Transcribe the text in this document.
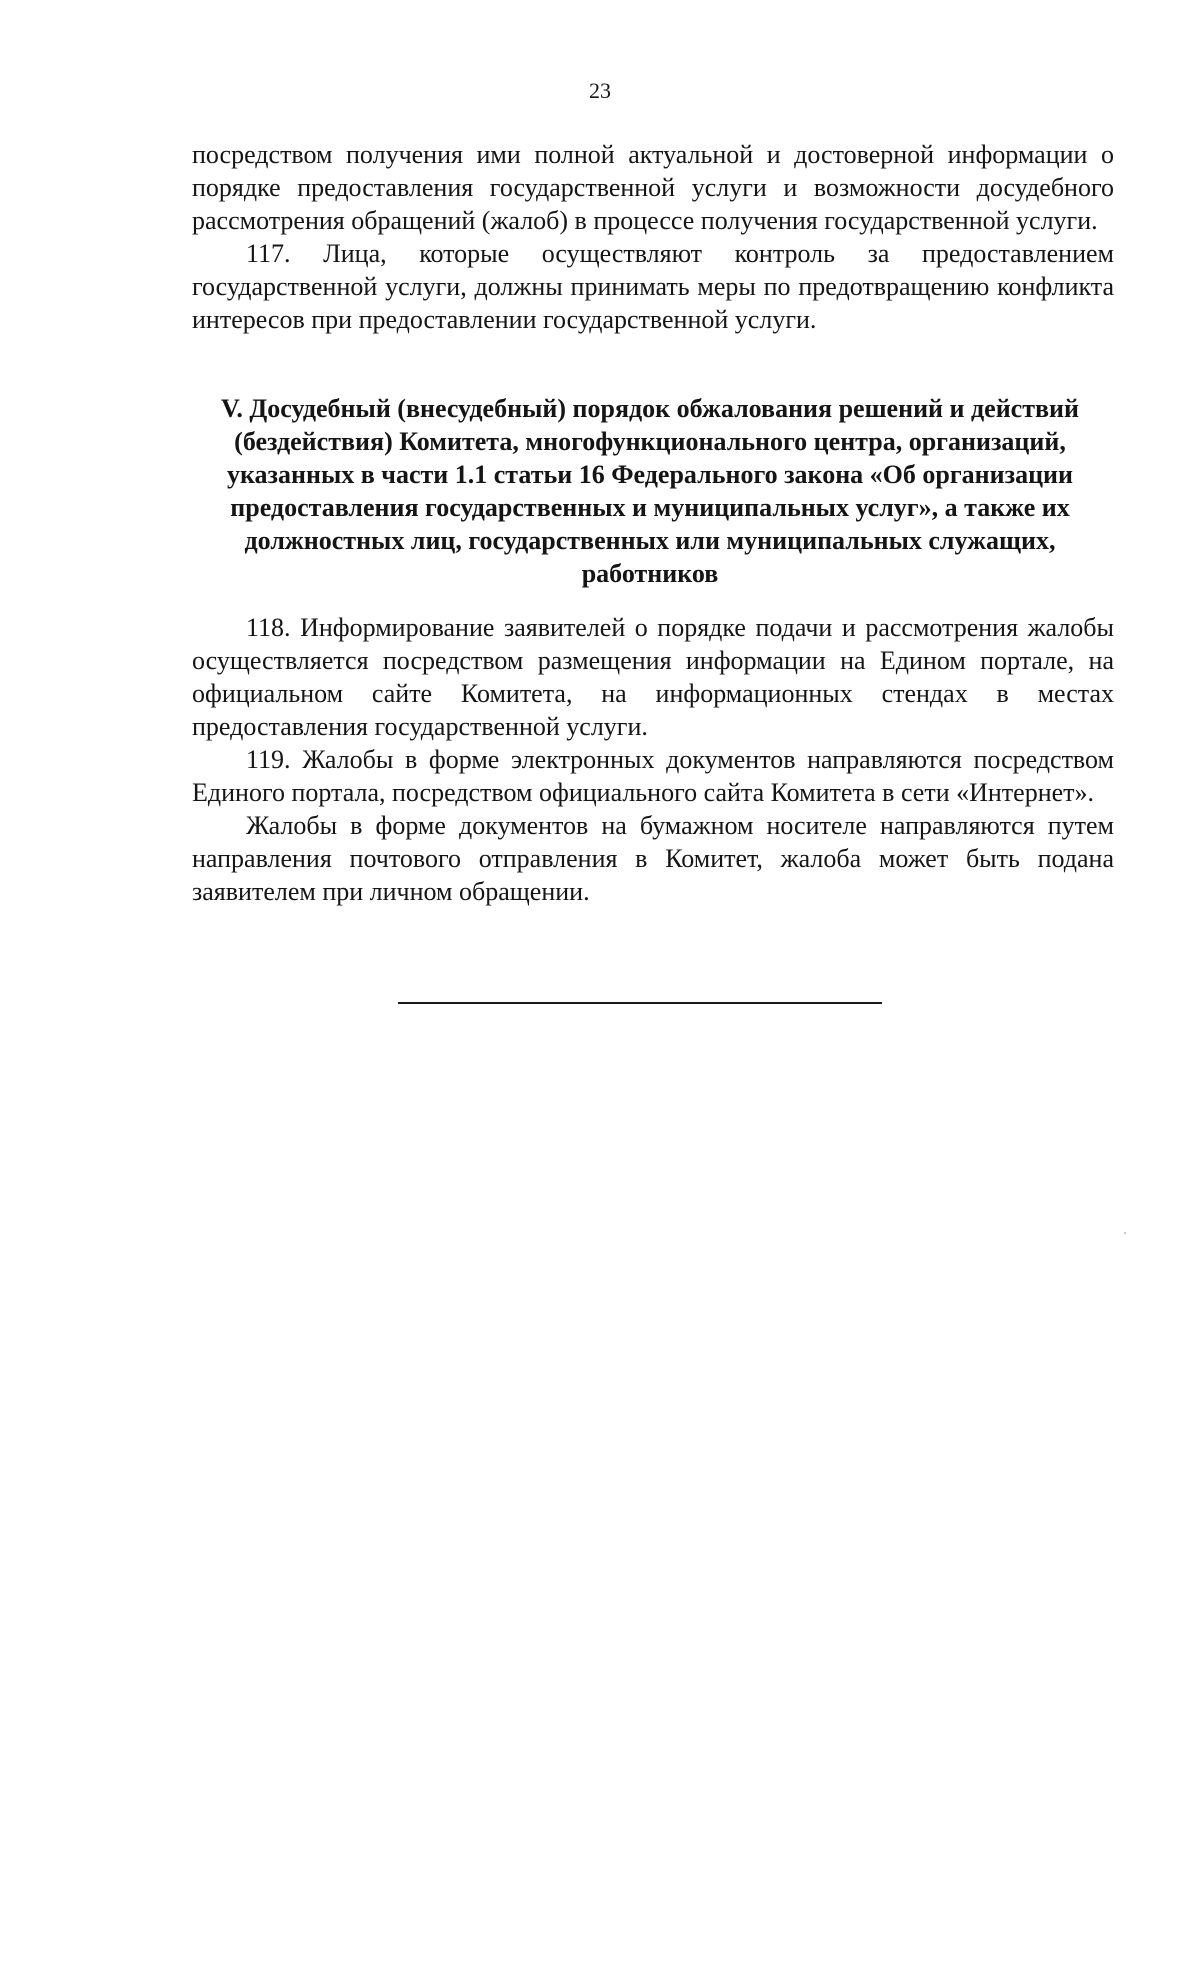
23

посредством получения ими полной актуальной и достоверной информации о порядке предоставления государственной услуги и возможности досудебного рассмотрения обращений (жалоб) в процессе получения государственной услуги.

117. Лица, которые осуществляют контроль за предоставлением государственной услуги, должны принимать меры по предотвращению конфликта интересов при предоставлении государственной услуги.

V. Досудебный (внесудебный) порядок обжалования решений и действий (бездействия) Комитета, многофункционального центра, организаций, указанных в части 1.1 статьи 16 Федерального закона «Об организации предоставления государственных и муниципальных услуг», а также их должностных лиц, государственных или муниципальных служащих, работников

118. Информирование заявителей о порядке подачи и рассмотрения жалобы осуществляется посредством размещения информации на Едином портале, на официальном сайте Комитета, на информационных стендах в местах предоставления государственной услуги.

119. Жалобы в форме электронных документов направляются посредством Единого портала, посредством официального сайта Комитета в сети «Интернет».

Жалобы в форме документов на бумажном носителе направляются путем направления почтового отправления в Комитет, жалоба может быть подана заявителем при личном обращении.
